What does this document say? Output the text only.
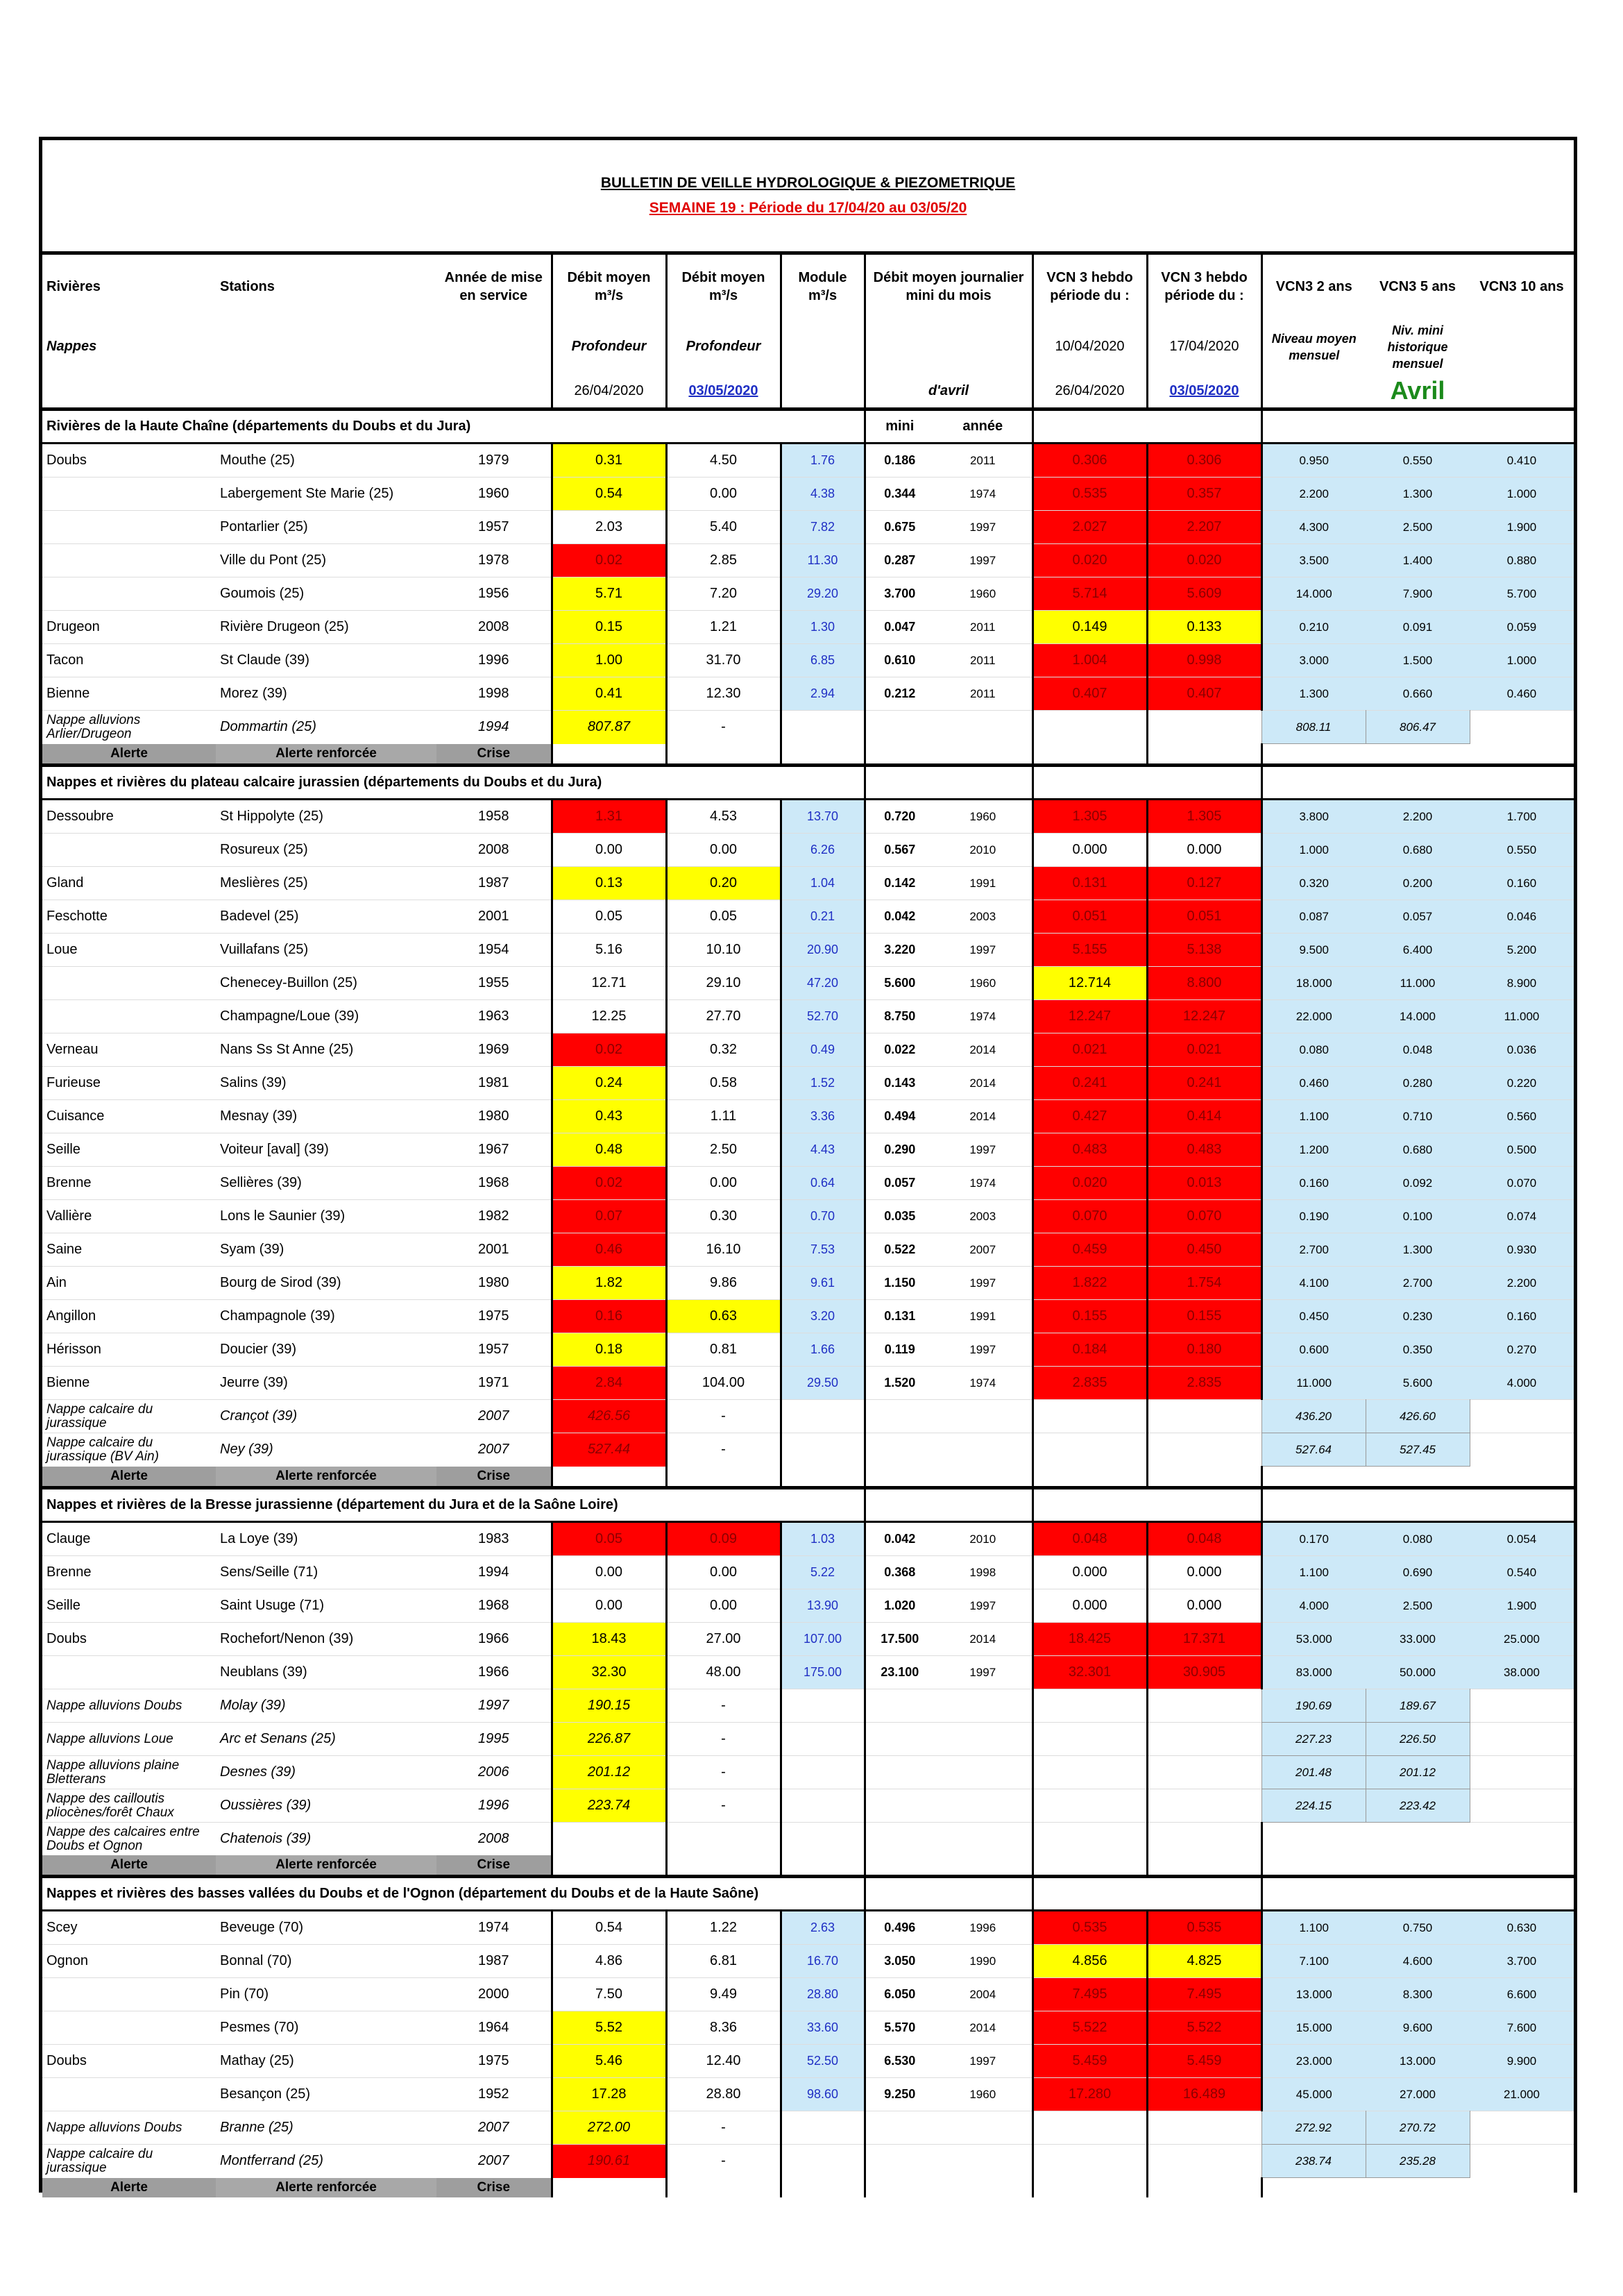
BULLETIN DE VEILLE HYDROLOGIQUE & PIEZOMETRIQUE
SEMAINE 19 : Période du 17/04/20 au 03/05/20												

Rivières	Stations	Année de mise en service	Débit moyen m³/s	Débit moyen m³/s	Module m³/s	Débit moyen journalier mini du mois		VCN 3 hebdo période du :	VCN 3 hebdo période du :	VCN3 2 ans	VCN3 5 ans	VCN3 10 ans
Nappes			Profondeur	Profondeur				10/04/2020	17/04/2020	Niveau moyen mensuel	Niv. mini historique mensuel	
			26/04/2020	03/05/2020		d'avril		26/04/2020	03/05/2020		Avril	
Rivières de la Haute Chaîne (départements du Doubs et du Jura)						mini	année					
Doubs	Mouthe (25)	1979	0.31	4.50	1.76	0.186	2011	0.306	0.306	0.950	0.550	0.410
	Labergement Ste Marie (25)	1960	0.54	0.00	4.38	0.344	1974	0.535	0.357	2.200	1.300	1.000
	Pontarlier (25)	1957	2.03	5.40	7.82	0.675	1997	2.027	2.207	4.300	2.500	1.900
	Ville du Pont (25)	1978	0.02	2.85	11.30	0.287	1997	0.020	0.020	3.500	1.400	0.880
	Goumois (25)	1956	5.71	7.20	29.20	3.700	1960	5.714	5.609	14.000	7.900	5.700
Drugeon	Rivière Drugeon (25)	2008	0.15	1.21	1.30	0.047	2011	0.149	0.133	0.210	0.091	0.059
Tacon	St Claude (39)	1996	1.00	31.70	6.85	0.610	2011	1.004	0.998	3.000	1.500	1.000
Bienne	Morez (39)	1998	0.41	12.30	2.94	0.212	2011	0.407	0.407	1.300	0.660	0.460
Nappe alluvions Arlier/Drugeon	Dommartin (25)	1994	807.87	-						808.11	806.47	
Alerte	Alerte renforcée	Crise										
Nappes et rivières du plateau calcaire jurassien (départements du Doubs et du Jura)												
Dessoubre	St Hippolyte (25)	1958	1.31	4.53	13.70	0.720	1960	1.305	1.305	3.800	2.200	1.700
	Rosureux (25)	2008	0.00	0.00	6.26	0.567	2010	0.000	0.000	1.000	0.680	0.550
Gland	Meslières (25)	1987	0.13	0.20	1.04	0.142	1991	0.131	0.127	0.320	0.200	0.160
Feschotte	Badevel (25)	2001	0.05	0.05	0.21	0.042	2003	0.051	0.051	0.087	0.057	0.046
Loue	Vuillafans (25)	1954	5.16	10.10	20.90	3.220	1997	5.155	5.138	9.500	6.400	5.200
	Chenecey-Buillon (25)	1955	12.71	29.10	47.20	5.600	1960	12.714	8.800	18.000	11.000	8.900
	Champagne/Loue (39)	1963	12.25	27.70	52.70	8.750	1974	12.247	12.247	22.000	14.000	11.000
Verneau	Nans Ss St Anne (25)	1969	0.02	0.32	0.49	0.022	2014	0.021	0.021	0.080	0.048	0.036
Furieuse	Salins (39)	1981	0.24	0.58	1.52	0.143	2014	0.241	0.241	0.460	0.280	0.220
Cuisance	Mesnay (39)	1980	0.43	1.11	3.36	0.494	2014	0.427	0.414	1.100	0.710	0.560
Seille	Voiteur [aval] (39)	1967	0.48	2.50	4.43	0.290	1997	0.483	0.483	1.200	0.680	0.500
Brenne	Sellières (39)	1968	0.02	0.00	0.64	0.057	1974	0.020	0.013	0.160	0.092	0.070
Vallière	Lons le Saunier (39)	1982	0.07	0.30	0.70	0.035	2003	0.070	0.070	0.190	0.100	0.074
Saine	Syam (39)	2001	0.46	16.10	7.53	0.522	2007	0.459	0.450	2.700	1.300	0.930
Ain	Bourg de Sirod (39)	1980	1.82	9.86	9.61	1.150	1997	1.822	1.754	4.100	2.700	2.200
Angillon	Champagnole (39)	1975	0.16	0.63	3.20	0.131	1991	0.155	0.155	0.450	0.230	0.160
Hérisson	Doucier (39)	1957	0.18	0.81	1.66	0.119	1997	0.184	0.180	0.600	0.350	0.270
Bienne	Jeurre (39)	1971	2.84	104.00	29.50	1.520	1974	2.835	2.835	11.000	5.600	4.000
Nappe calcaire du jurassique	Crançot (39)	2007	426.56	-						436.20	426.60	
Nappe calcaire du jurassique (BV Ain)	Ney (39)	2007	527.44	-						527.64	527.45	
Alerte	Alerte renforcée	Crise										
Nappes et rivières de la Bresse jurassienne (département du Jura et de la Saône Loire)												
Clauge	La Loye (39)	1983	0.05	0.09	1.03	0.042	2010	0.048	0.048	0.170	0.080	0.054
Brenne	Sens/Seille (71)	1994	0.00	0.00	5.22	0.368	1998	0.000	0.000	1.100	0.690	0.540
Seille	Saint Usuge (71)	1968	0.00	0.00	13.90	1.020	1997	0.000	0.000	4.000	2.500	1.900
Doubs	Rochefort/Nenon (39)	1966	18.43	27.00	107.00	17.500	2014	18.425	17.371	53.000	33.000	25.000
	Neublans (39)	1966	32.30	48.00	175.00	23.100	1997	32.301	30.905	83.000	50.000	38.000
Nappe alluvions Doubs	Molay (39)	1997	190.15	-						190.69	189.67	
Nappe alluvions Loue	Arc et Senans (25)	1995	226.87	-						227.23	226.50	
Nappe alluvions plaine Bletterans	Desnes (39)	2006	201.12	-						201.48	201.12	
Nappe des cailloutis pliocènes/forêt Chaux	Oussières (39)	1996	223.74	-						224.15	223.42	
Nappe des calcaires entre Doubs et Ognon	Chatenois (39)	2008										
Alerte	Alerte renforcée	Crise										
Nappes et rivières des basses vallées du Doubs et de l'Ognon (département du Doubs et de la Haute Saône)												
Scey	Beveuge (70)	1974	0.54	1.22	2.63	0.496	1996	0.535	0.535	1.100	0.750	0.630
Ognon	Bonnal (70)	1987	4.86	6.81	16.70	3.050	1990	4.856	4.825	7.100	4.600	3.700
	Pin (70)	2000	7.50	9.49	28.80	6.050	2004	7.495	7.495	13.000	8.300	6.600
	Pesmes (70)	1964	5.52	8.36	33.60	5.570	2014	5.522	5.522	15.000	9.600	7.600
Doubs	Mathay (25)	1975	5.46	12.40	52.50	6.530	1997	5.459	5.459	23.000	13.000	9.900
	Besançon (25)	1952	17.28	28.80	98.60	9.250	1960	17.280	16.489	45.000	27.000	21.000
Nappe alluvions Doubs	Branne (25)	2007	272.00	-						272.92	270.72	
Nappe calcaire du jurassique	Montferrand (25)	2007	190.61	-						238.74	235.28	
Alerte	Alerte renforcée	Crise										
